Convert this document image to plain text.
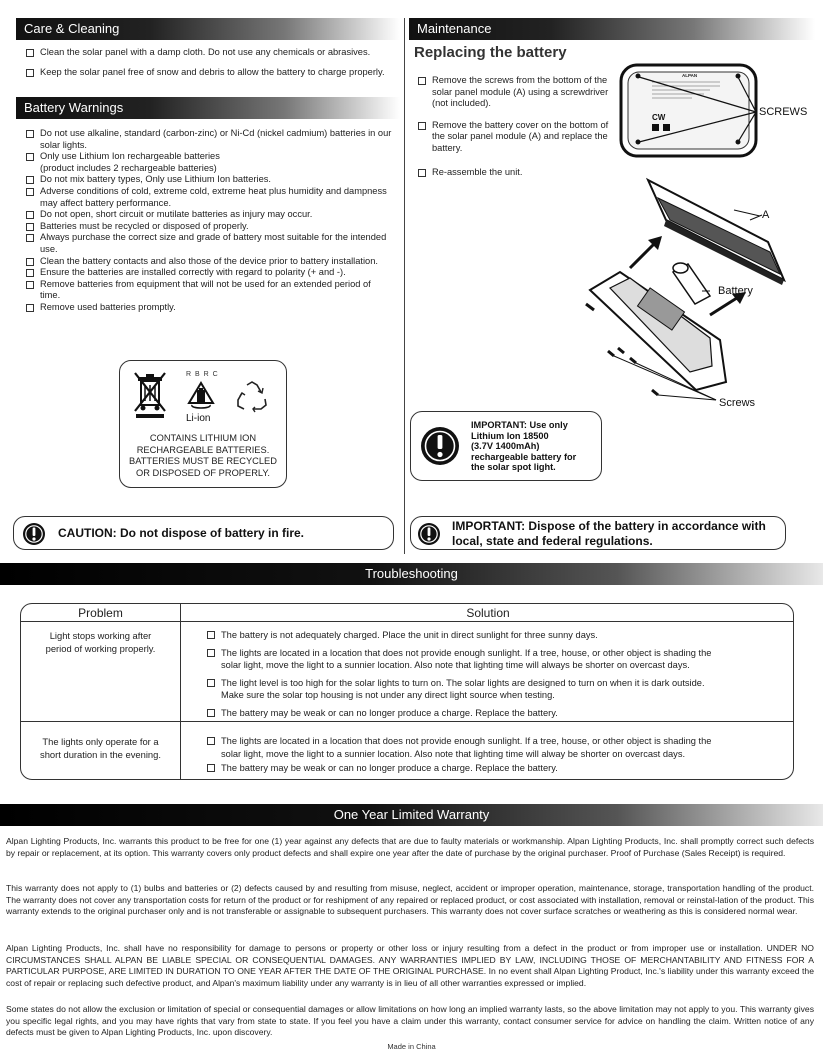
Care & Cleaning
Clean the solar panel with a damp cloth. Do not use any chemicals or abrasives.
Keep the solar panel free of snow and debris to allow the battery to charge properly.
Battery Warnings
Do not use alkaline, standard (carbon-zinc) or Ni-Cd (nickel cadmium) batteries in our solar lights.
Only use Lithium Ion rechargeable batteries (product includes 2 rechargeable batteries)
Do not mix battery types, Only use Lithium Ion batteries.
Adverse conditions of cold, extreme cold, extreme heat plus humidity and dampness may affect battery performance.
Do not open, short circuit or mutilate batteries as injury may occur.
Batteries must be recycled or disposed of properly.
Always purchase the correct size and grade of battery most suitable for the intended use.
Clean the battery contacts and also those of the device prior to battery installation.
Ensure the batteries are installed correctly with regard to polarity (+ and -).
Remove batteries from equipment that will not be used for an extended period of time.
Remove used batteries promptly.
R B R C
Li-ion
CONTAINS LITHIUM ION
RECHARGEABLE BATTERIES.
BATTERIES MUST BE RECYCLED
OR DISPOSED OF PROPERLY.
CAUTION: Do not dispose of battery in fire.
Maintenance
Replacing the battery
Remove the screws from the bottom of the solar panel module (A) using a screwdriver (not included).
Remove the battery cover on the bottom of the solar panel module (A) and replace the battery.
Re-assemble the unit.
ALPAN
CW	SCREWS
A
Battery
Screws
IMPORTANT: Use only
Lithium Ion 18500
(3.7V 1400mAh)
rechargeable battery for
the solar spot light.
IMPORTANT: Dispose of the battery in accordance with
local, state and federal regulations.
Troubleshooting
Problem	Solution
Light stops working after
period of working properly.
The battery is not adequately charged. Place the unit in direct sunlight for three sunny days.
The lights are located in a location that does not provide enough sunlight. If a tree, house, or other object is shading the
solar light, move the light to a sunnier location. Also note that lighting time will always be shorter on overcast days.
The light level is too high for the solar lights to turn on. The solar lights are designed to turn on when it is dark outside.
Make sure the solar top housing is not under any direct light source when testing.
The battery may be weak or can no longer produce a charge. Replace the battery.
The lights only operate for a
short duration in the evening.
The lights are located in a location that does not provide enough sunlight. If a tree, house, or other object is shading the
solar light, move the light to a sunnier location. Also note that lighting time will alway be shorter on overcast days.
The battery may be weak or can no longer produce a charge. Replace the battery.
One Year Limited Warranty

Alpan Lighting Products, Inc. warrants this product to be free for one (1) year against any defects that are due to faulty materials or workmanship. Alpan Lighting Products, Inc. shall promptly correct such defects by repair or replacement, at its option. This warranty covers only product defects and shall expire one year after the date of purchase by the original purchaser. Proof of Purchase (Sales Receipt) is required.

This warranty does not apply to (1) bulbs and batteries or (2) defects caused by and resulting from misuse, neglect, accident or improper operation, maintenance, storage, transportation handling of the product. The warranty does not cover any transportation costs for return of the product or for reshipment of any repaired or replaced product, or cost associated with installation, removal or reinstal-lation of the product. This warranty extends to the original purchaser only and is not transferable or assignable to subsequent purchasers. This warranty does not cover surface scratches or weathering as this is considered normal wear.

Alpan Lighting Products, Inc. shall have no responsibility for damage to persons or property or other loss or injury resulting from a defect in the product or from improper use or installation. UNDER NO CIRCUMSTANCES SHALL ALPAN BE LIABLE SPECIAL OR CONSEQUENTIAL DAMAGES. ANY WARRANTIES IMPLIED BY LAW, INCLUDING THOSE OF MERCHANTABILITY AND FITNESS FOR A PARTICULAR PURPOSE, ARE LIMITED IN DURATION TO ONE YEAR AFTER THE DATE OF THE ORIGINAL PURCHASE. In no event shall Alpan Lighting Product, Inc.'s liability under this warranty exceed the cost of repair or replacing such defective product, and Alpan's maximum liability under any warranty is in lieu of all other warranties expressed or implied.

Some states do not allow the exclusion or limitation of special or consequential damages or allow limitations on how long an implied warranty lasts, so the above limitation may not apply to you. This warranty gives you specific legal rights, and you may have rights that vary from state to state. If you feel you have a claim under this warranty, contact consumer service for advice on handling the claim. Written notice of any defects must be given to Alpan Lighting Products, Inc. upon discovery.

Made in China
